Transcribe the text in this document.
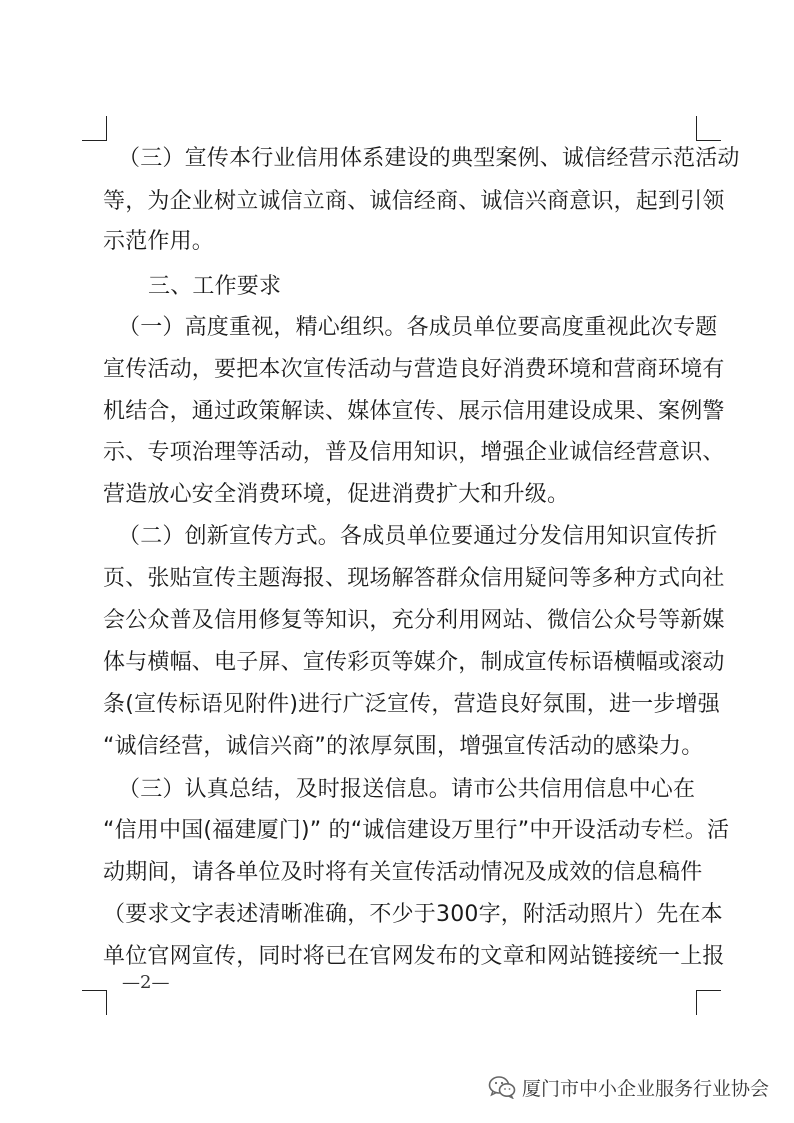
（三）宣传本行业信用体系建设的典型案例、诚信经营示范活动
等，为企业树立诚信立商、诚信经商、诚信兴商意识，起到引领
示范作用。
三、工作要求
（一）高度重视，精心组织。各成员单位要高度重视此次专题
宣传活动，要把本次宣传活动与营造良好消费环境和营商环境有
机结合，通过政策解读、媒体宣传、展示信用建设成果、案例警
示、专项治理等活动，普及信用知识，增强企业诚信经营意识、
营造放心安全消费环境，促进消费扩大和升级。
（二）创新宣传方式。各成员单位要通过分发信用知识宣传折
页、张贴宣传主题海报、现场解答群众信用疑问等多种方式向社
会公众普及信用修复等知识，充分利用网站、微信公众号等新媒
体与横幅、电子屏、宣传彩页等媒介，制成宣传标语横幅或滚动
条(宣传标语见附件)进行广泛宣传，营造良好氛围，进一步增强
“诚信经营，诚信兴商”的浓厚氛围，增强宣传活动的感染力。
（三）认真总结，及时报送信息。请市公共信用信息中心在
“信用中国(福建厦门)” 的“诚信建设万里行”中开设活动专栏。活
动期间，请各单位及时将有关宣传活动情况及成效的信息稿件
（要求文字表述清晰准确，不少于300字，附活动照片）先在本
单位官网宣传，同时将已在官网发布的文章和网站链接统一上报
—2—
厦门市中小企业服务行业协会
